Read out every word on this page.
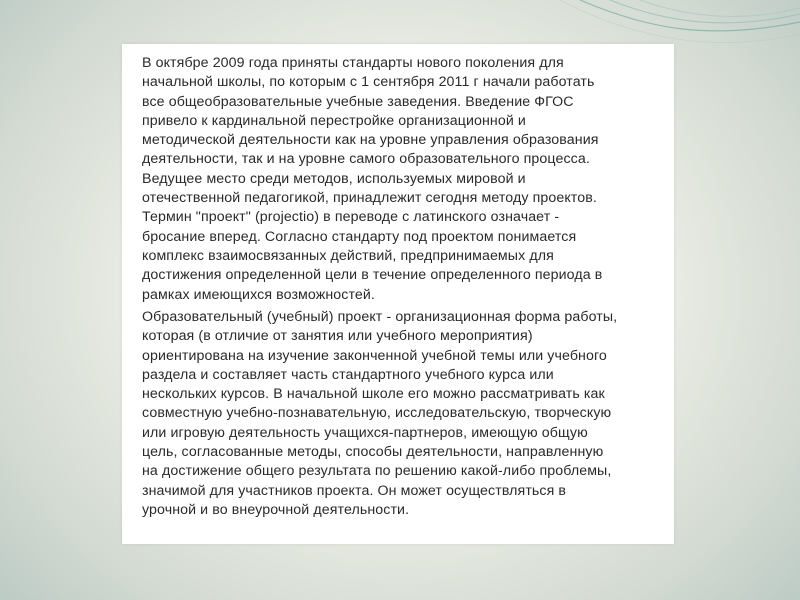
В октябре 2009 года приняты стандарты нового поколения для
начальной школы, по которым с 1 сентября 2011 г начали работать
все общеобразовательные учебные заведения. Введение ФГОС
привело к кардинальной перестройке организационной и
методической деятельности как на уровне управления образования
деятельности, так и на уровне самого образовательного процесса.
Ведущее место среди методов, используемых мировой и
отечественной педагогикой, принадлежит сегодня методу проектов.
Термин "проект" (projectio) в переводе с латинского означает -
бросание вперед. Согласно стандарту под проектом понимается
комплекс взаимосвязанных действий, предпринимаемых для
достижения определенной цели в течение определенного периода в
рамках имеющихся возможностей.

Образовательный (учебный) проект - организационная форма работы,
которая (в отличие от занятия или учебного мероприятия)
ориентирована на изучение законченной учебной темы или учебного
раздела и составляет часть стандартного учебного курса или
нескольких курсов. В начальной школе его можно рассматривать как
совместную учебно-познавательную, исследовательскую, творческую
или игровую деятельность учащихся-партнеров, имеющую общую
цель, согласованные методы, способы деятельности, направленную
на достижение общего результата по решению какой-либо проблемы,
значимой для участников проекта. Он может осуществляться в
урочной и во внеурочной деятельности.
